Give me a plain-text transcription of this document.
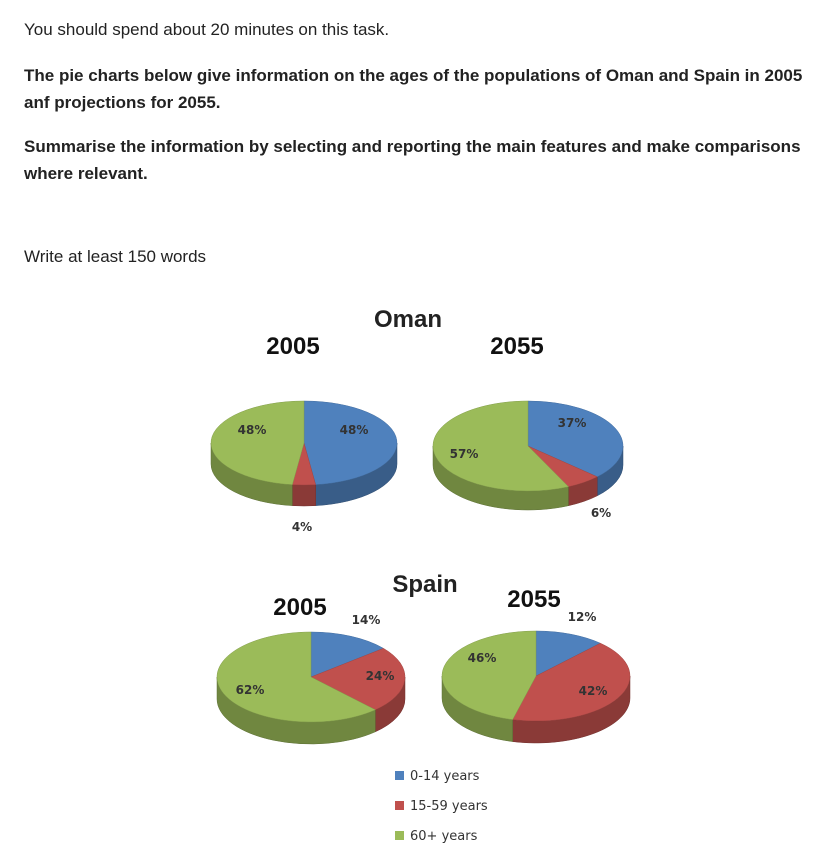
You should spend about 20 minutes on this task.
The pie charts below give information on the ages of the populations of Oman and Spain in 2005 anf projections for 2055.
Summarise the information by selecting and reporting the main features and make comparisons where relevant.
Write at least 150 words
Oman
2005	2055
Spain
2005	2055
48%
4%
48%	37%
6%
57%
14%
24%
62%
12%
42%
46%
0-14 years
15-59 years
60+ years
